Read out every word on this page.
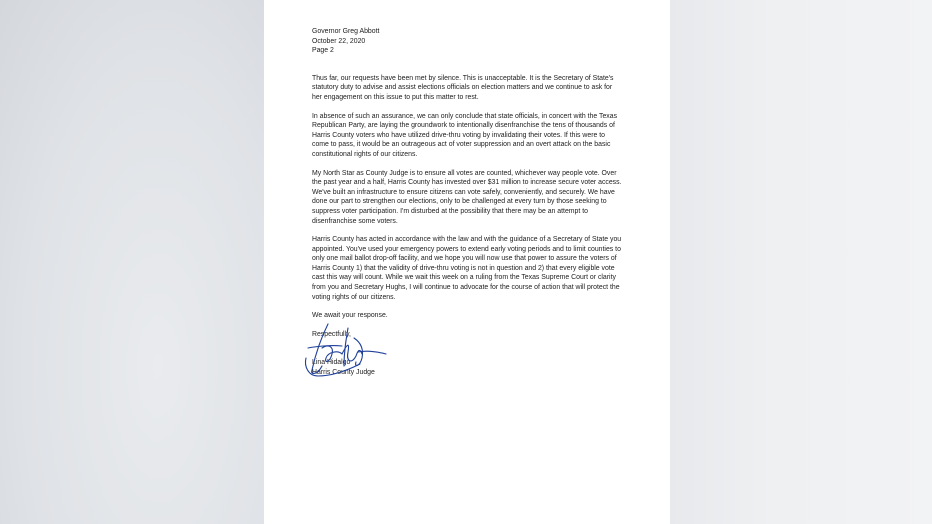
Governor Greg Abbott
October 22, 2020
Page 2

Thus far, our requests have been met by silence. This is unacceptable. It is the Secretary of State's statutory duty to advise and assist elections officials on election matters and we continue to ask for her engagement on this issue to put this matter to rest.

In absence of such an assurance, we can only conclude that state officials, in concert with the Texas Republican Party, are laying the groundwork to intentionally disenfranchise the tens of thousands of Harris County voters who have utilized drive-thru voting by invalidating their votes. If this were to come to pass, it would be an outrageous act of voter suppression and an overt attack on the basic constitutional rights of our citizens.

My North Star as County Judge is to ensure all votes are counted, whichever way people vote. Over the past year and a half, Harris County has invested over $31 million to increase secure voter access. We've built an infrastructure to ensure citizens can vote safely, conveniently, and securely. We have done our part to strengthen our elections, only to be challenged at every turn by those seeking to suppress voter participation. I'm disturbed at the possibility that there may be an attempt to disenfranchise some voters.

Harris County has acted in accordance with the law and with the guidance of a Secretary of State you appointed. You've used your emergency powers to extend early voting periods and to limit counties to only one mail ballot drop-off facility, and we hope you will now use that power to assure the voters of Harris County 1) that the validity of drive-thru voting is not in question and 2) that every eligible vote cast this way will count. While we wait this week on a ruling from the Texas Supreme Court or clarity from you and Secretary Hughs, I will continue to advocate for the course of action that will protect the voting rights of our citizens.

We await your response.

Respectfully,
Lina Hidalgo
Harris County Judge
